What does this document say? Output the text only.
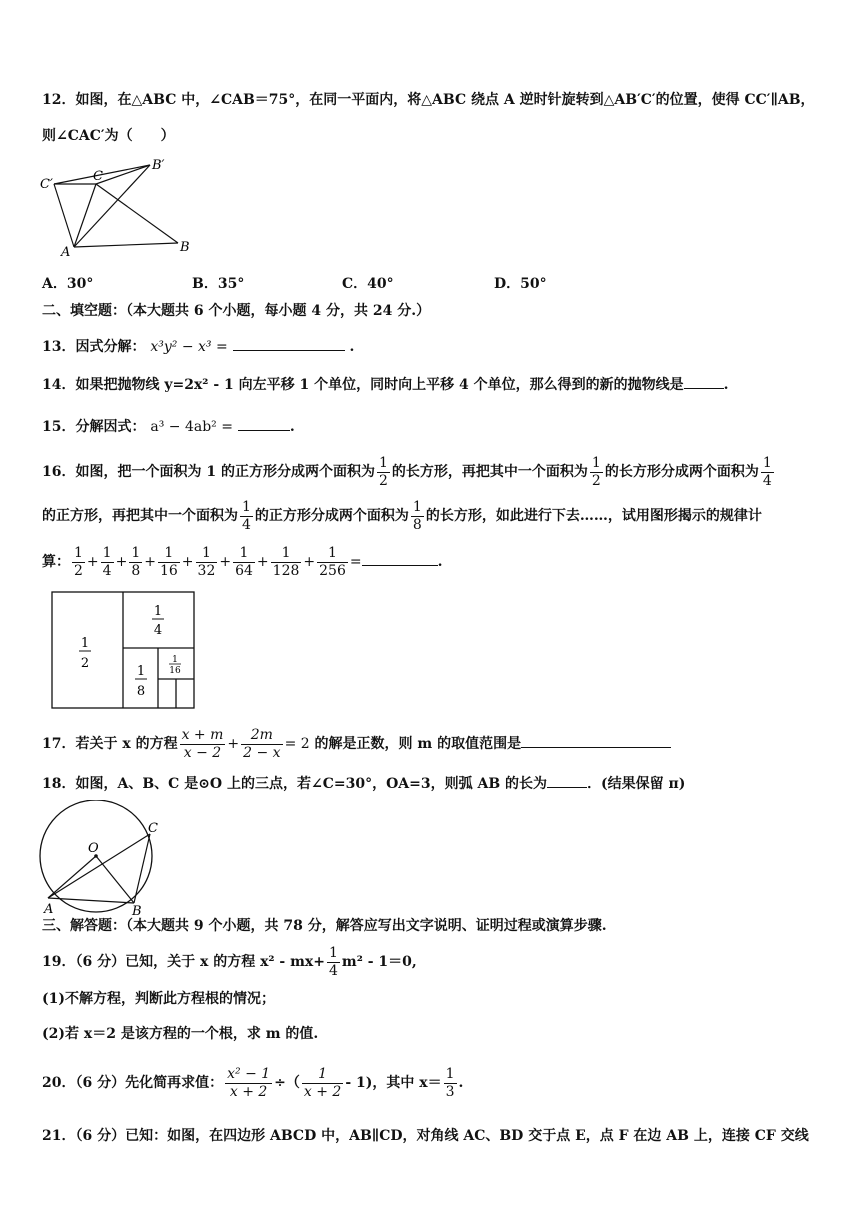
12．如图，在△ABC 中，∠CAB＝75°，在同一平面内，将△ABC 绕点 A 逆时针旋转到△AB′C′的位置，使得 CC′∥AB，
则∠CAC′为（　　）
C′
C
B′
A	B
A．30°	B．35°	C．40°	D．50°
二、填空题：（本大题共 6 个小题，每小题 4 分，共 24 分.）
13．因式分解： x³y² − x³ =	.
14．如果把抛物线 y=2x² - 1 向左平移 1 个单位，同时向上平移 4 个单位，那么得到的新的抛物线是	.
15．分解因式： a³ − 4ab² =	.
16．如图，把一个面积为 1 的正方形分成两个面积为 $\frac{1}{2}$ 的长方形，再把其中一个面积为 $\frac{1}{2}$ 的长方形分成两个面积为 $\frac{1}{4}$
的正方形，再把其中一个面积为 $\frac{1}{4}$ 的正方形分成两个面积为 $\frac{1}{8}$ 的长方形，如此进行下去……，试用图形揭示的规律计
算： $\frac{1}{2} + \frac{1}{4} + \frac{1}{8} + \frac{1}{16} + \frac{1}{32} + \frac{1}{64} + \frac{1}{128} + \frac{1}{256}$ =	.
1
2
1
4
1
8
1
16
17．若关于 x 的方程 $\frac{x + m}{x - 2} + \frac{2m}{2 - x} = 2$ 的解是正数，则 m 的取值范围是
18．如图，A、B、C 是⊙O 上的三点，若∠C=30°，OA=3，则弧 AB 的长为	．(结果保留 π)
O
A	B
C
三、解答题：（本大题共 9 个小题，共 78 分，解答应写出文字说明、证明过程或演算步骤.
19．（6 分）已知，关于 x 的方程 $x^2 - mx+ \frac{1}{4} m^2 - 1=0$,
(1)不解方程，判断此方程根的情况；
(2)若 x＝2 是该方程的一个根，求 m 的值.
20．（6 分）先化简再求值： $\frac{\text{x² − 1}}{x + 2}$ ÷（ $\frac{1}{x + 2} - 1$)，其中 $x= \frac{1}{3}$ .
21．（6 分）已知：如图，在四边形 ABCD 中，AB∥CD，对角线 AC、BD 交于点 E，点 F 在边 AB 上，连接 CF 交线
